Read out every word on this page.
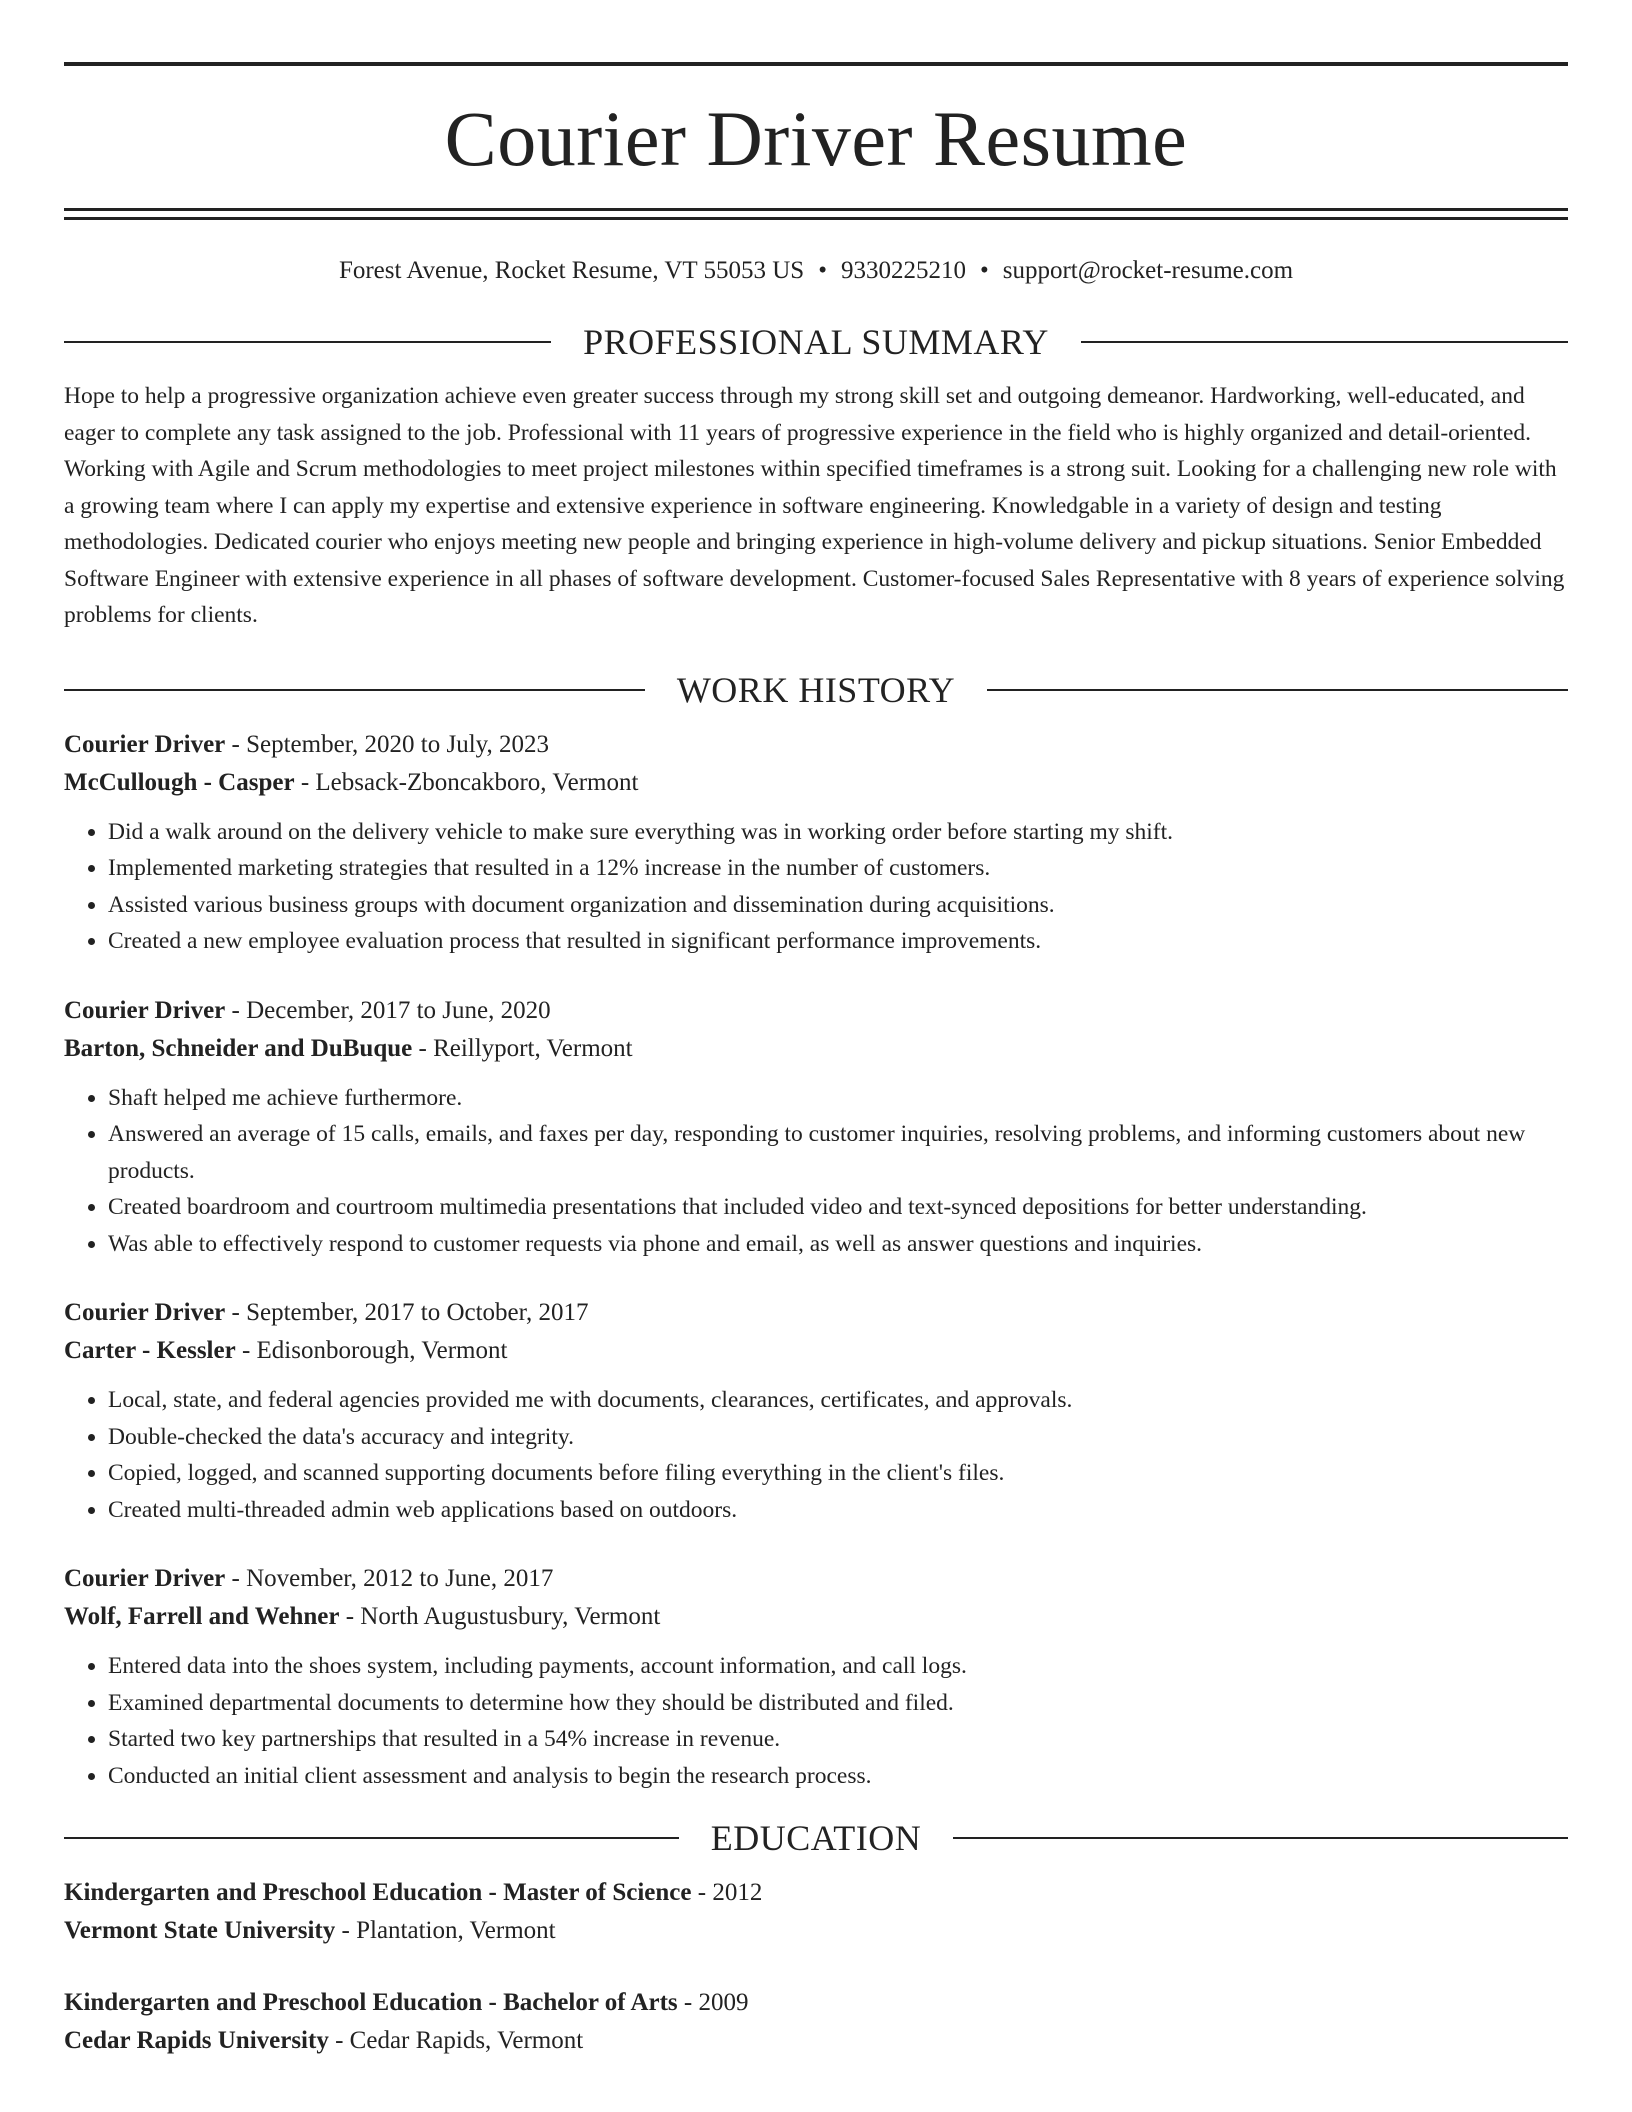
Courier Driver Resume
Forest Avenue, Rocket Resume, VT 55053 US • 9330225210 • support@rocket-resume.com
PROFESSIONAL SUMMARY

Hope to help a progressive organization achieve even greater success through my strong skill set and outgoing demeanor. Hardworking, well-educated, and eager to complete any task assigned to the job. Professional with 11 years of progressive experience in the field who is highly organized and detail-oriented. Working with Agile and Scrum methodologies to meet project milestones within specified timeframes is a strong suit. Looking for a challenging new role with a growing team where I can apply my expertise and extensive experience in software engineering. Knowledgable in a variety of design and testing methodologies. Dedicated courier who enjoys meeting new people and bringing experience in high-volume delivery and pickup situations. Senior Embedded Software Engineer with extensive experience in all phases of software development. Customer-focused Sales Representative with 8 years of experience solving problems for clients.

WORK HISTORY
Courier Driver - September, 2020 to July, 2023
McCullough - Casper - Lebsack-Zboncakboro, Vermont
• Did a walk around on the delivery vehicle to make sure everything was in working order before starting my shift.
• Implemented marketing strategies that resulted in a 12% increase in the number of customers.
• Assisted various business groups with document organization and dissemination during acquisitions.
• Created a new employee evaluation process that resulted in significant performance improvements.
Courier Driver - December, 2017 to June, 2020
Barton, Schneider and DuBuque - Reillyport, Vermont
• Shaft helped me achieve furthermore.
• Answered an average of 15 calls, emails, and faxes per day, responding to customer inquiries, resolving problems, and informing customers about new products.
• Created boardroom and courtroom multimedia presentations that included video and text-synced depositions for better understanding.
• Was able to effectively respond to customer requests via phone and email, as well as answer questions and inquiries.
Courier Driver - September, 2017 to October, 2017
Carter - Kessler - Edisonborough, Vermont
• Local, state, and federal agencies provided me with documents, clearances, certificates, and approvals.
• Double-checked the data's accuracy and integrity.
• Copied, logged, and scanned supporting documents before filing everything in the client's files.
• Created multi-threaded admin web applications based on outdoors.
Courier Driver - November, 2012 to June, 2017
Wolf, Farrell and Wehner - North Augustusbury, Vermont
• Entered data into the shoes system, including payments, account information, and call logs.
• Examined departmental documents to determine how they should be distributed and filed.
• Started two key partnerships that resulted in a 54% increase in revenue.
• Conducted an initial client assessment and analysis to begin the research process.
EDUCATION
Kindergarten and Preschool Education - Master of Science - 2012
Vermont State University - Plantation, Vermont
Kindergarten and Preschool Education - Bachelor of Arts - 2009
Cedar Rapids University - Cedar Rapids, Vermont
